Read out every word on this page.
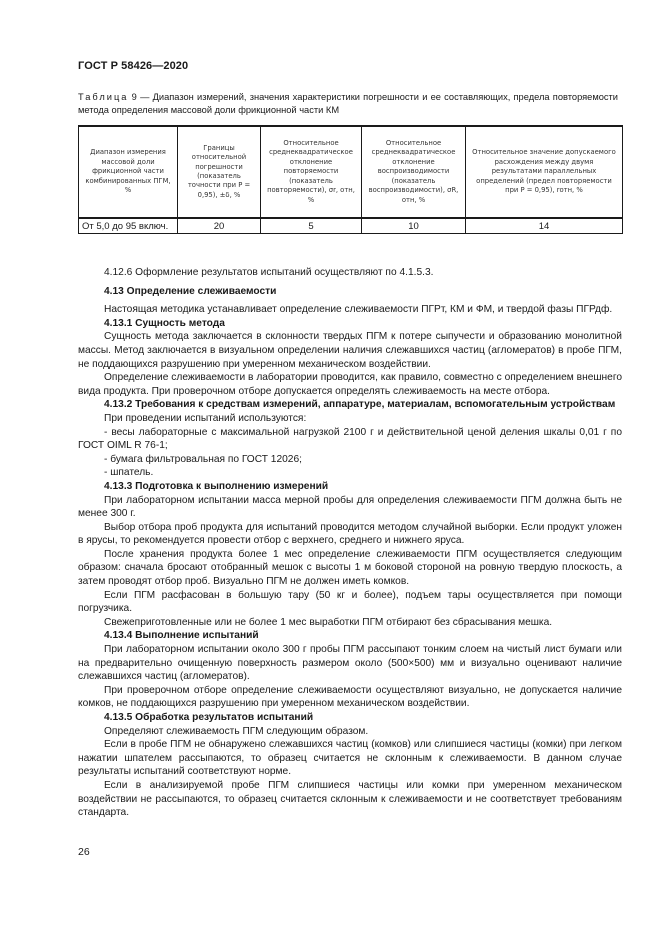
ГОСТ Р 58426—2020
Таблица 9 — Диапазон измерений, значения характеристики погрешности и ее составляющих, предела повторяемости метода определения массовой доли фрикционной части КМ
Диапазон измерения массовой доли фрикционной части комбинированных ПГМ, %	Границы относительной погрешности (показатель точности при Р = 0,95), ±δ, %	Относительное среднеквадратическое отклонение повторяемости (показатель повторяемости), σr, отн, %	Относительное среднеквадратическое отклонение воспроизводимости (показатель воспроизводимости), σR, отн, %	Относительное значение допускаемого расхождения между двумя результатами параллельных определений (предел повторяемости при Р = 0,95), rотн, %
От 5,0 до 95 включ.	20	5	10	14

4.12.6 Оформление результатов испытаний осуществляют по 4.1.5.3.

4.13 Определение слеживаемости

Настоящая методика устанавливает определение слеживаемости ПГРт, КМ и ФМ, и твердой фазы ПГРдф.

4.13.1 Сущность метода

Сущность метода заключается в склонности твердых ПГМ к потере сыпучести и образованию монолитной массы. Метод заключается в визуальном определении наличия слежавшихся частиц (агломератов) в пробе ПГМ, не поддающихся разрушению при умеренном механическом воздействии.

Определение слеживаемости в лаборатории проводится, как правило, совместно с определением внешнего вида продукта. При проверочном отборе допускается определять слеживаемость на месте отбора.

4.13.2 Требования к средствам измерений, аппаратуре, материалам, вспомогательным устройствам

При проведении испытаний используются:

- весы лабораторные с максимальной нагрузкой 2100 г и действительной ценой деления шкалы 0,01 г по ГОСТ OIML R 76-1;

- бумага фильтровальная по ГОСТ 12026;

- шпатель.

4.13.3 Подготовка к выполнению измерений

При лабораторном испытании масса мерной пробы для определения слеживаемости ПГМ должна быть не менее 300 г.

Выбор отбора проб продукта для испытаний проводится методом случайной выборки. Если продукт уложен в ярусы, то рекомендуется провести отбор с верхнего, среднего и нижнего яруса.

После хранения продукта более 1 мес определение слеживаемости ПГМ осуществляется следующим образом: сначала бросают отобранный мешок с высоты 1 м боковой стороной на ровную твердую плоскость, а затем проводят отбор проб. Визуально ПГМ не должен иметь комков.

Если ПГМ расфасован в большую тару (50 кг и более), подъем тары осуществляется при помощи погрузчика.

Свежеприготовленные или не более 1 мес выработки ПГМ отбирают без сбрасывания мешка.

4.13.4 Выполнение испытаний

При лабораторном испытании около 300 г пробы ПГМ рассыпают тонким слоем на чистый лист бумаги или на предварительно очищенную поверхность размером около (500×500) мм и визуально оценивают наличие слежавшихся частиц (агломератов).

При проверочном отборе определение слеживаемости осуществляют визуально, не допускается наличие комков, не поддающихся разрушению при умеренном механическом воздействии.

4.13.5 Обработка результатов испытаний

Определяют слеживаемость ПГМ следующим образом.

Если в пробе ПГМ не обнаружено слежавшихся частиц (комков) или слипшиеся частицы (комки) при легком нажатии шпателем рассыпаются, то образец считается не склонным к слеживаемости. В данном случае результаты испытаний соответствуют норме.

Если в анализируемой пробе ПГМ слипшиеся частицы или комки при умеренном механическом воздействии не рассыпаются, то образец считается склонным к слеживаемости и не соответствует требованиям стандарта.

26
